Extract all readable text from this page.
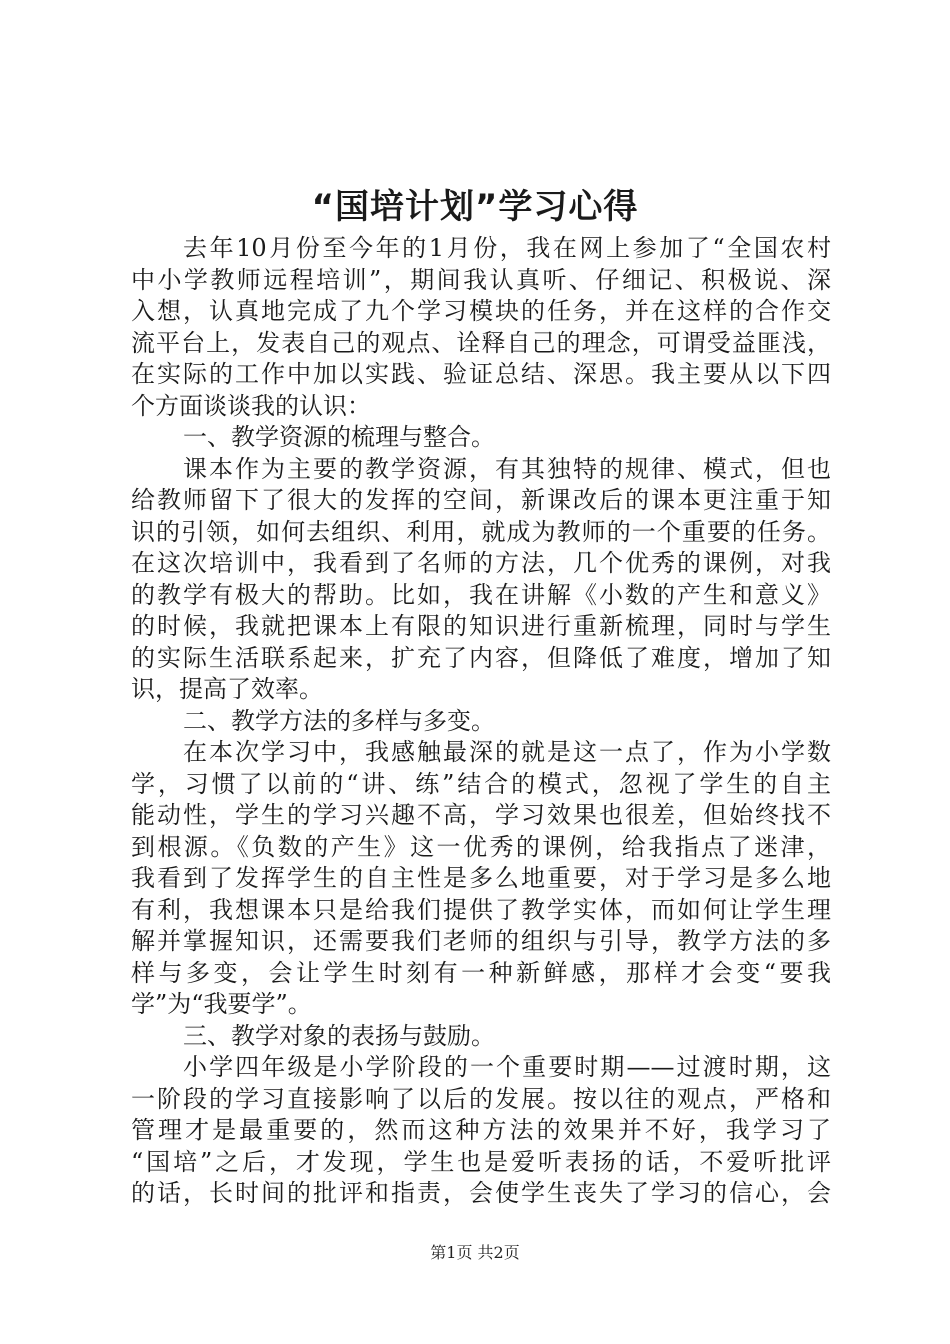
“国培计划”学习心得
去年10月份至今年的1月份，我在网上参加了“全国农村
中小学教师远程培训”，期间我认真听、仔细记、积极说、深
入想，认真地完成了九个学习模块的任务，并在这样的合作交
流平台上，发表自己的观点、诠释自己的理念，可谓受益匪浅，
在实际的工作中加以实践、验证总结、深思。我主要从以下四
个方面谈谈我的认识：
一、教学资源的梳理与整合。
课本作为主要的教学资源，有其独特的规律、模式，但也
给教师留下了很大的发挥的空间，新课改后的课本更注重于知
识的引领，如何去组织、利用，就成为教师的一个重要的任务。
在这次培训中，我看到了名师的方法，几个优秀的课例，对我
的教学有极大的帮助。比如，我在讲解《小数的产生和意义》
的时候，我就把课本上有限的知识进行重新梳理，同时与学生
的实际生活联系起来，扩充了内容，但降低了难度，增加了知
识，提高了效率。
二、教学方法的多样与多变。
在本次学习中，我感触最深的就是这一点了，作为小学数
学，习惯了以前的“讲、练”结合的模式，忽视了学生的自主
能动性，学生的学习兴趣不高，学习效果也很差，但始终找不
到根源。《负数的产生》这一优秀的课例，给我指点了迷津，
我看到了发挥学生的自主性是多么地重要，对于学习是多么地
有利，我想课本只是给我们提供了教学实体，而如何让学生理
解并掌握知识，还需要我们老师的组织与引导，教学方法的多
样与多变，会让学生时刻有一种新鲜感，那样才会变“要我
学”为“我要学”。
三、教学对象的表扬与鼓励。
小学四年级是小学阶段的一个重要时期——过渡时期，这
一阶段的学习直接影响了以后的发展。按以往的观点，严格和
管理才是最重要的，然而这种方法的效果并不好，我学习了
“国培”之后，才发现，学生也是爱听表扬的话，不爱听批评
的话，长时间的批评和指责，会使学生丧失了学习的信心，会
第1页 共2页
